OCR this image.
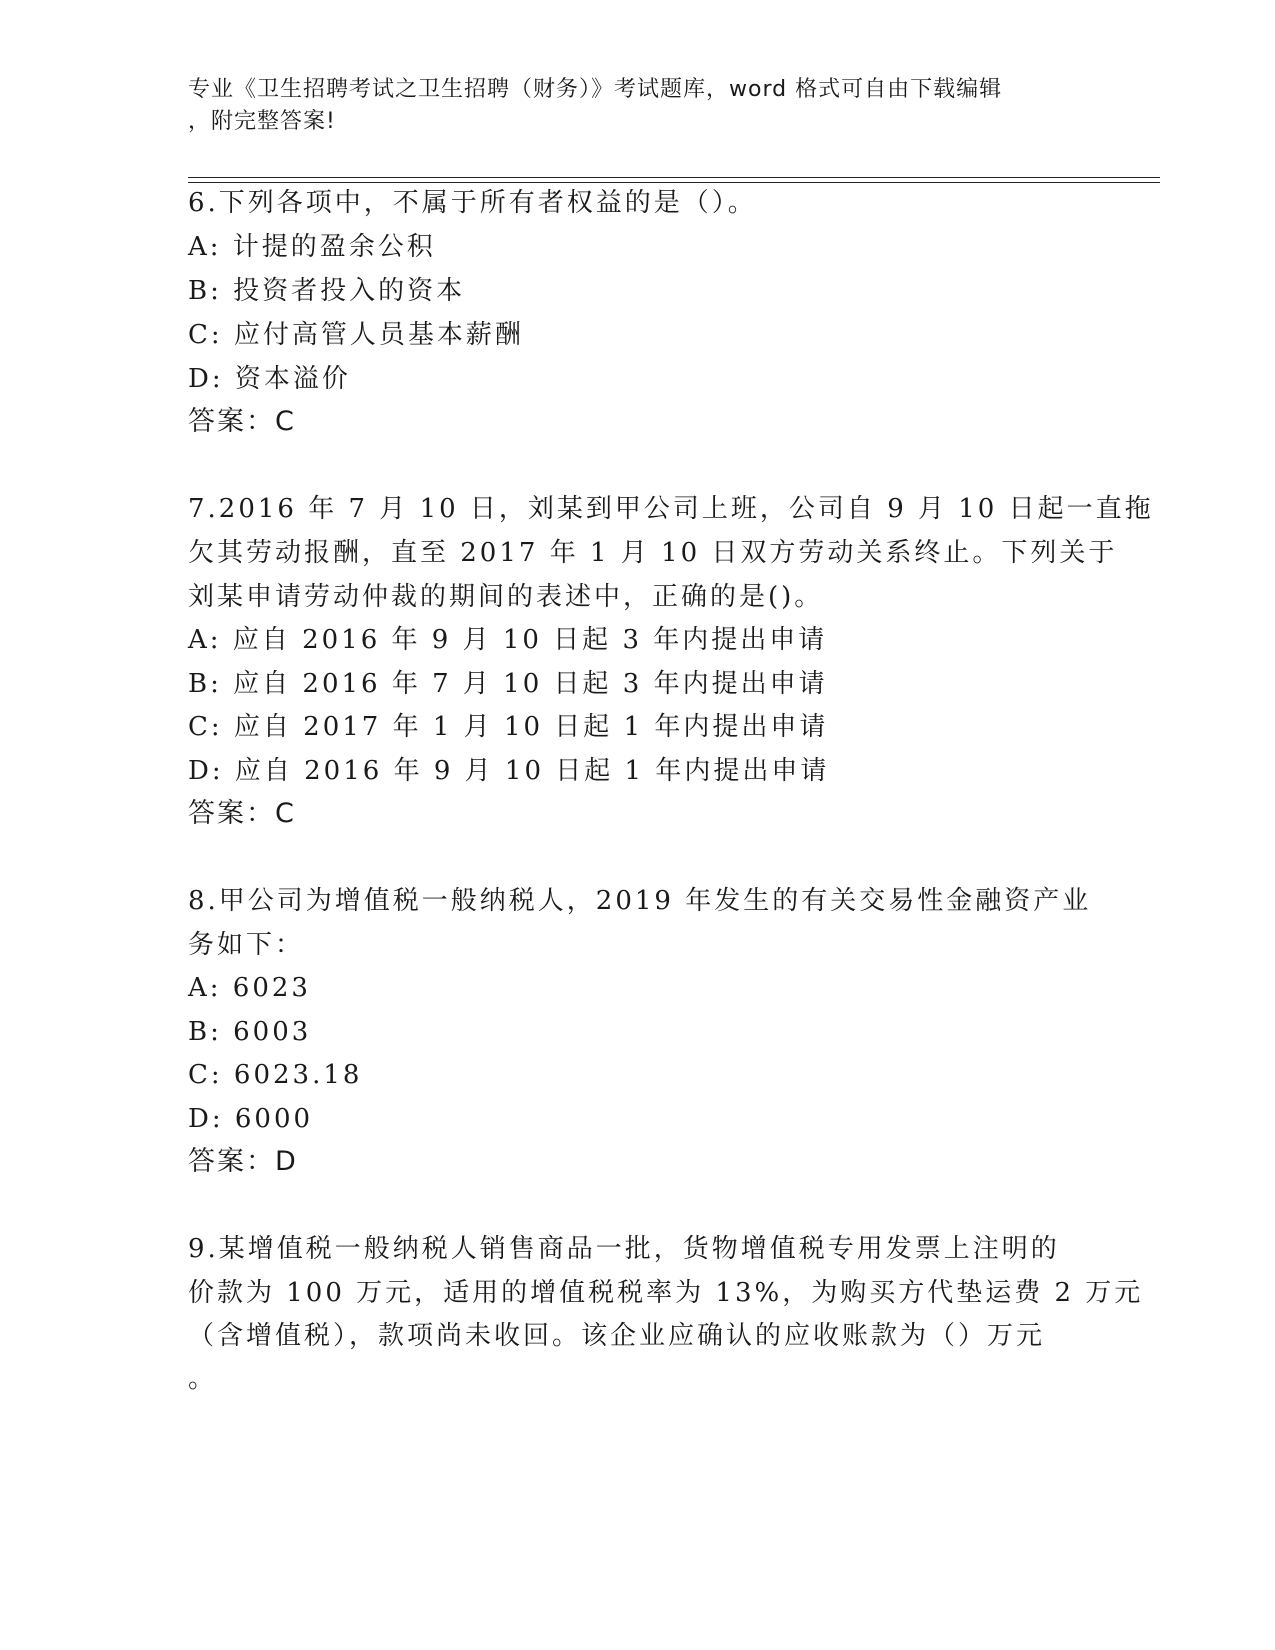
专业《卫生招聘考试之卫生招聘（财务）》考试题库，word 格式可自由下载编辑
，附完整答案!
6.下列各项中，不属于所有者权益的是（）。
A: 计提的盈余公积
B: 投资者投入的资本
C: 应付高管人员基本薪酬
D: 资本溢价
答案：C
7.2016 年 7 月 10 日，刘某到甲公司上班，公司自 9 月 10 日起一直拖
欠其劳动报酬，直至 2017 年 1 月 10 日双方劳动关系终止。下列关于
刘某申请劳动仲裁的期间的表述中，正确的是()。
A: 应自 2016 年 9 月 10 日起 3 年内提出申请
B: 应自 2016 年 7 月 10 日起 3 年内提出申请
C: 应自 2017 年 1 月 10 日起 1 年内提出申请
D: 应自 2016 年 9 月 10 日起 1 年内提出申请
答案：C
8.甲公司为增值税一般纳税人，2019 年发生的有关交易性金融资产业
务如下：
A: 6023
B: 6003
C: 6023.18
D: 6000
答案：D
9.某增值税一般纳税人销售商品一批，货物增值税专用发票上注明的
价款为 100 万元，适用的增值税税率为 13%，为购买方代垫运费 2 万元
（含增值税），款项尚未收回。该企业应确认的应收账款为（）万元
。
